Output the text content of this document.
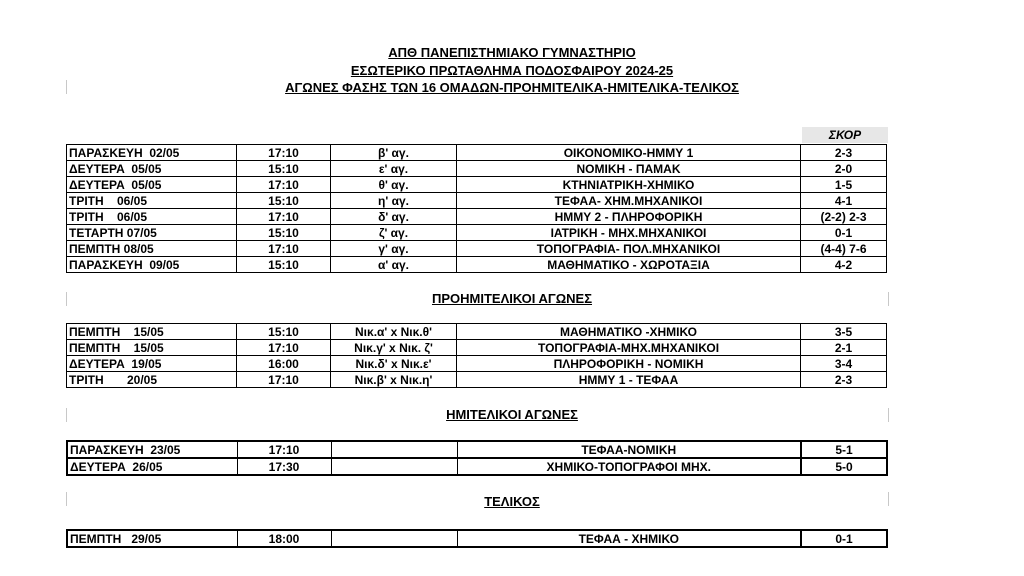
ΑΠΘ ΠΑΝΕΠΙΣΤΗΜΙΑΚΟ ΓΥΜΝΑΣΤΗΡΙΟ
ΕΣΩΤΕΡΙΚΟ ΠΡΩΤΑΘΛΗΜΑ ΠΟΔΟΣΦΑΙΡΟΥ 2024-25
ΑΓΩΝΕΣ ΦΑΣΗΣ ΤΩΝ 16 ΟΜΑΔΩΝ-ΠΡΟΗΜΙΤΕΛΙΚΑ-ΗΜΙΤΕΛΙΚΑ-ΤΕΛΙΚΟΣ
ΣΚΟΡ
ΠΑΡΑΣΚΕΥΗ  02/05	17:10	β' αγ.	ΟΙΚΟΝΟΜΙΚΟ-ΗΜΜΥ 1	2-3
ΔΕΥΤΕΡΑ  05/05	15:10	ε' αγ.	ΝΟΜΙΚΗ - ΠΑΜΑΚ	2-0
ΔΕΥΤΕΡΑ  05/05	17:10	θ' αγ.	ΚΤΗΝΙΑΤΡΙΚΗ-ΧΗΜΙΚΟ	1-5
ΤΡΙΤΗ    06/05	15:10	η' αγ.	ΤΕΦΑΑ- ΧΗΜ.ΜΗΧΑΝΙΚΟΙ	4-1
ΤΡΙΤΗ    06/05	17:10	δ' αγ.	ΗΜΜΥ 2 - ΠΛΗΡΟΦΟΡΙΚΗ	(2-2) 2-3
ΤΕΤΑΡΤΗ 07/05	15:10	ζ' αγ.	ΙΑΤΡΙΚΗ - ΜΗΧ.ΜΗΧΑΝΙΚΟΙ	0-1
ΠΕΜΠΤΗ 08/05	17:10	γ' αγ.	ΤΟΠΟΓΡΑΦΙΑ- ΠΟΛ.ΜΗΧΑΝΙΚΟΙ	(4-4) 7-6
ΠΑΡΑΣΚΕΥΗ  09/05	15:10	α' αγ.	ΜΑΘΗΜΑΤΙΚΟ - ΧΩΡΟΤΑΞΙΑ	4-2
ΠΡΟΗΜΙΤΕΛΙΚΟΙ ΑΓΩΝΕΣ
ΠΕΜΠΤΗ    15/05	15:10	Νικ.α' x Νικ.θ'	ΜΑΘΗΜΑΤΙΚΟ -ΧΗΜΙΚΟ	3-5
ΠΕΜΠΤΗ    15/05	17:10	Νικ.γ' x Νικ. ζ'	ΤΟΠΟΓΡΑΦΙΑ-ΜΗΧ.ΜΗΧΑΝΙΚΟΙ	2-1
ΔΕΥΤΕΡΑ  19/05	16:00	Νικ.δ' x Νικ.ε'	ΠΛΗΡΟΦΟΡΙΚΗ - ΝΟΜΙΚΗ	3-4
ΤΡΙΤΗ       20/05	17:10	Νικ.β' x Νικ.η'	ΗΜΜΥ 1 - ΤΕΦΑΑ	2-3
ΗΜΙΤΕΛΙΚΟΙ ΑΓΩΝΕΣ
ΠΑΡΑΣΚΕΥΗ  23/05	17:10		ΤΕΦΑΑ-ΝΟΜΙΚΗ	5-1
ΔΕΥΤΕΡΑ  26/05	17:30		ΧΗΜΙΚΟ-ΤΟΠΟΓΡΑΦΟΙ ΜΗΧ.	5-0
ΤΕΛΙΚΟΣ
ΠΕΜΠΤΗ   29/05	18:00		ΤΕΦΑΑ - ΧΗΜΙΚΟ	0-1
